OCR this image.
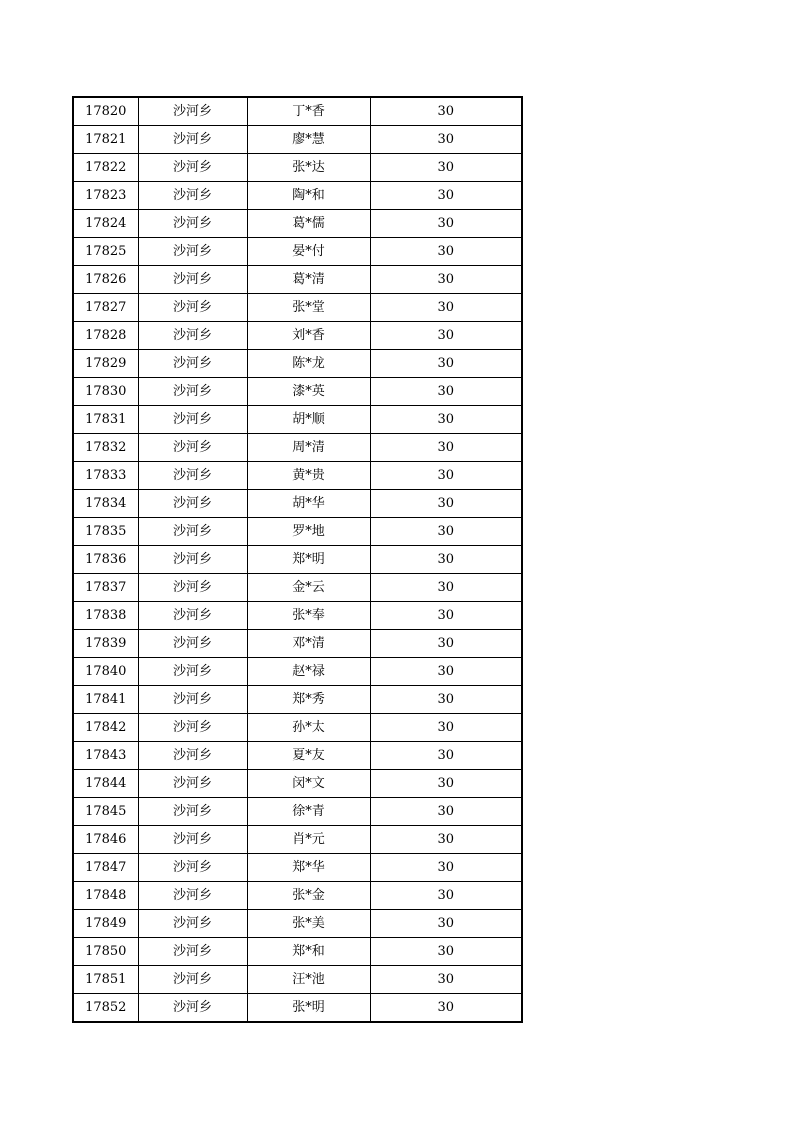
17820	沙河乡	丁*香	30
17821	沙河乡	廖*慧	30
17822	沙河乡	张*达	30
17823	沙河乡	陶*和	30
17824	沙河乡	葛*儒	30
17825	沙河乡	晏*付	30
17826	沙河乡	葛*清	30
17827	沙河乡	张*堂	30
17828	沙河乡	刘*香	30
17829	沙河乡	陈*龙	30
17830	沙河乡	漆*英	30
17831	沙河乡	胡*顺	30
17832	沙河乡	周*清	30
17833	沙河乡	黄*贵	30
17834	沙河乡	胡*华	30
17835	沙河乡	罗*地	30
17836	沙河乡	郑*明	30
17837	沙河乡	金*云	30
17838	沙河乡	张*奉	30
17839	沙河乡	邓*清	30
17840	沙河乡	赵*禄	30
17841	沙河乡	郑*秀	30
17842	沙河乡	孙*太	30
17843	沙河乡	夏*友	30
17844	沙河乡	闵*文	30
17845	沙河乡	徐*青	30
17846	沙河乡	肖*元	30
17847	沙河乡	郑*华	30
17848	沙河乡	张*金	30
17849	沙河乡	张*美	30
17850	沙河乡	郑*和	30
17851	沙河乡	汪*池	30
17852	沙河乡	张*明	30
